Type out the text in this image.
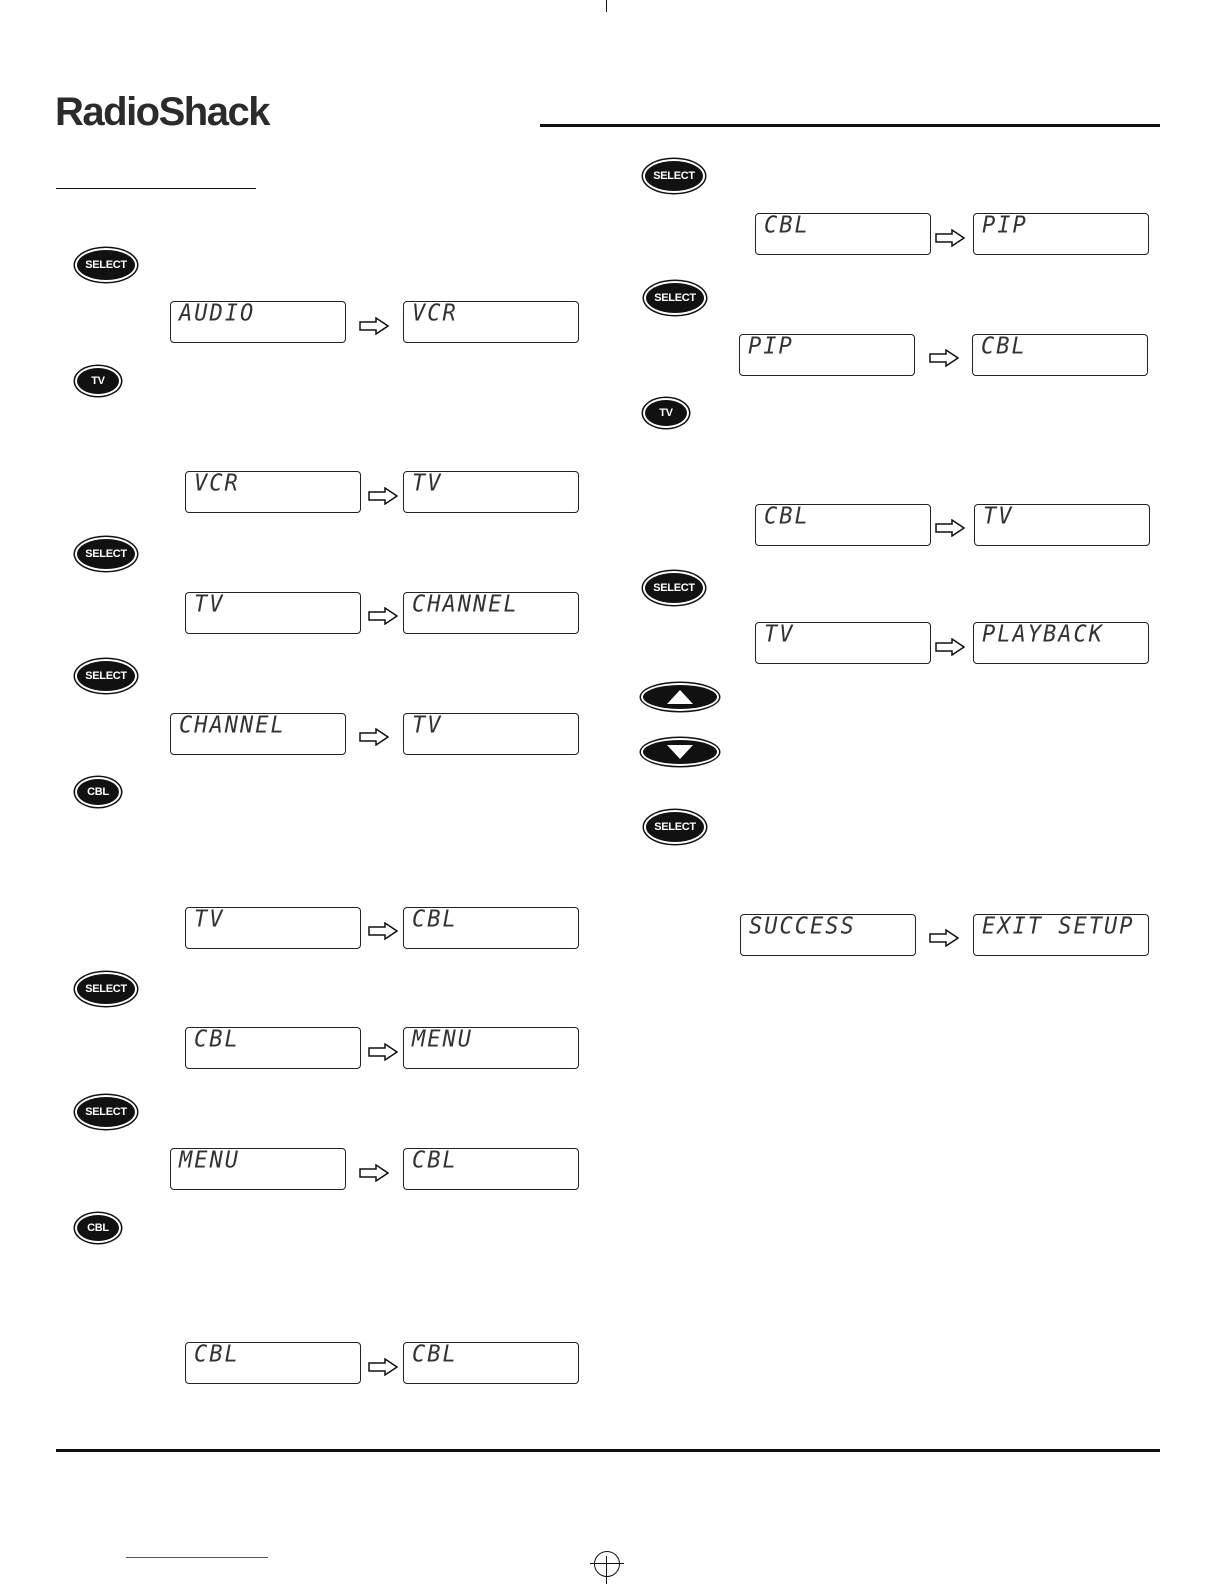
RadioShack
SELECT
AUDIO	VCR
TV
VCR	TV
SELECT
TV	CHANNEL
SELECT
CHANNEL	TV
CBL
TV	CBL
SELECT
CBL	MENU
SELECT
MENU	CBL
CBL
CBL	CBL
SELECT
CBL	PIP
SELECT
PIP	CBL
TV
CBL	TV
SELECT
TV	PLAYBACK
SELECT
SUCCESS	EXIT SETUP
